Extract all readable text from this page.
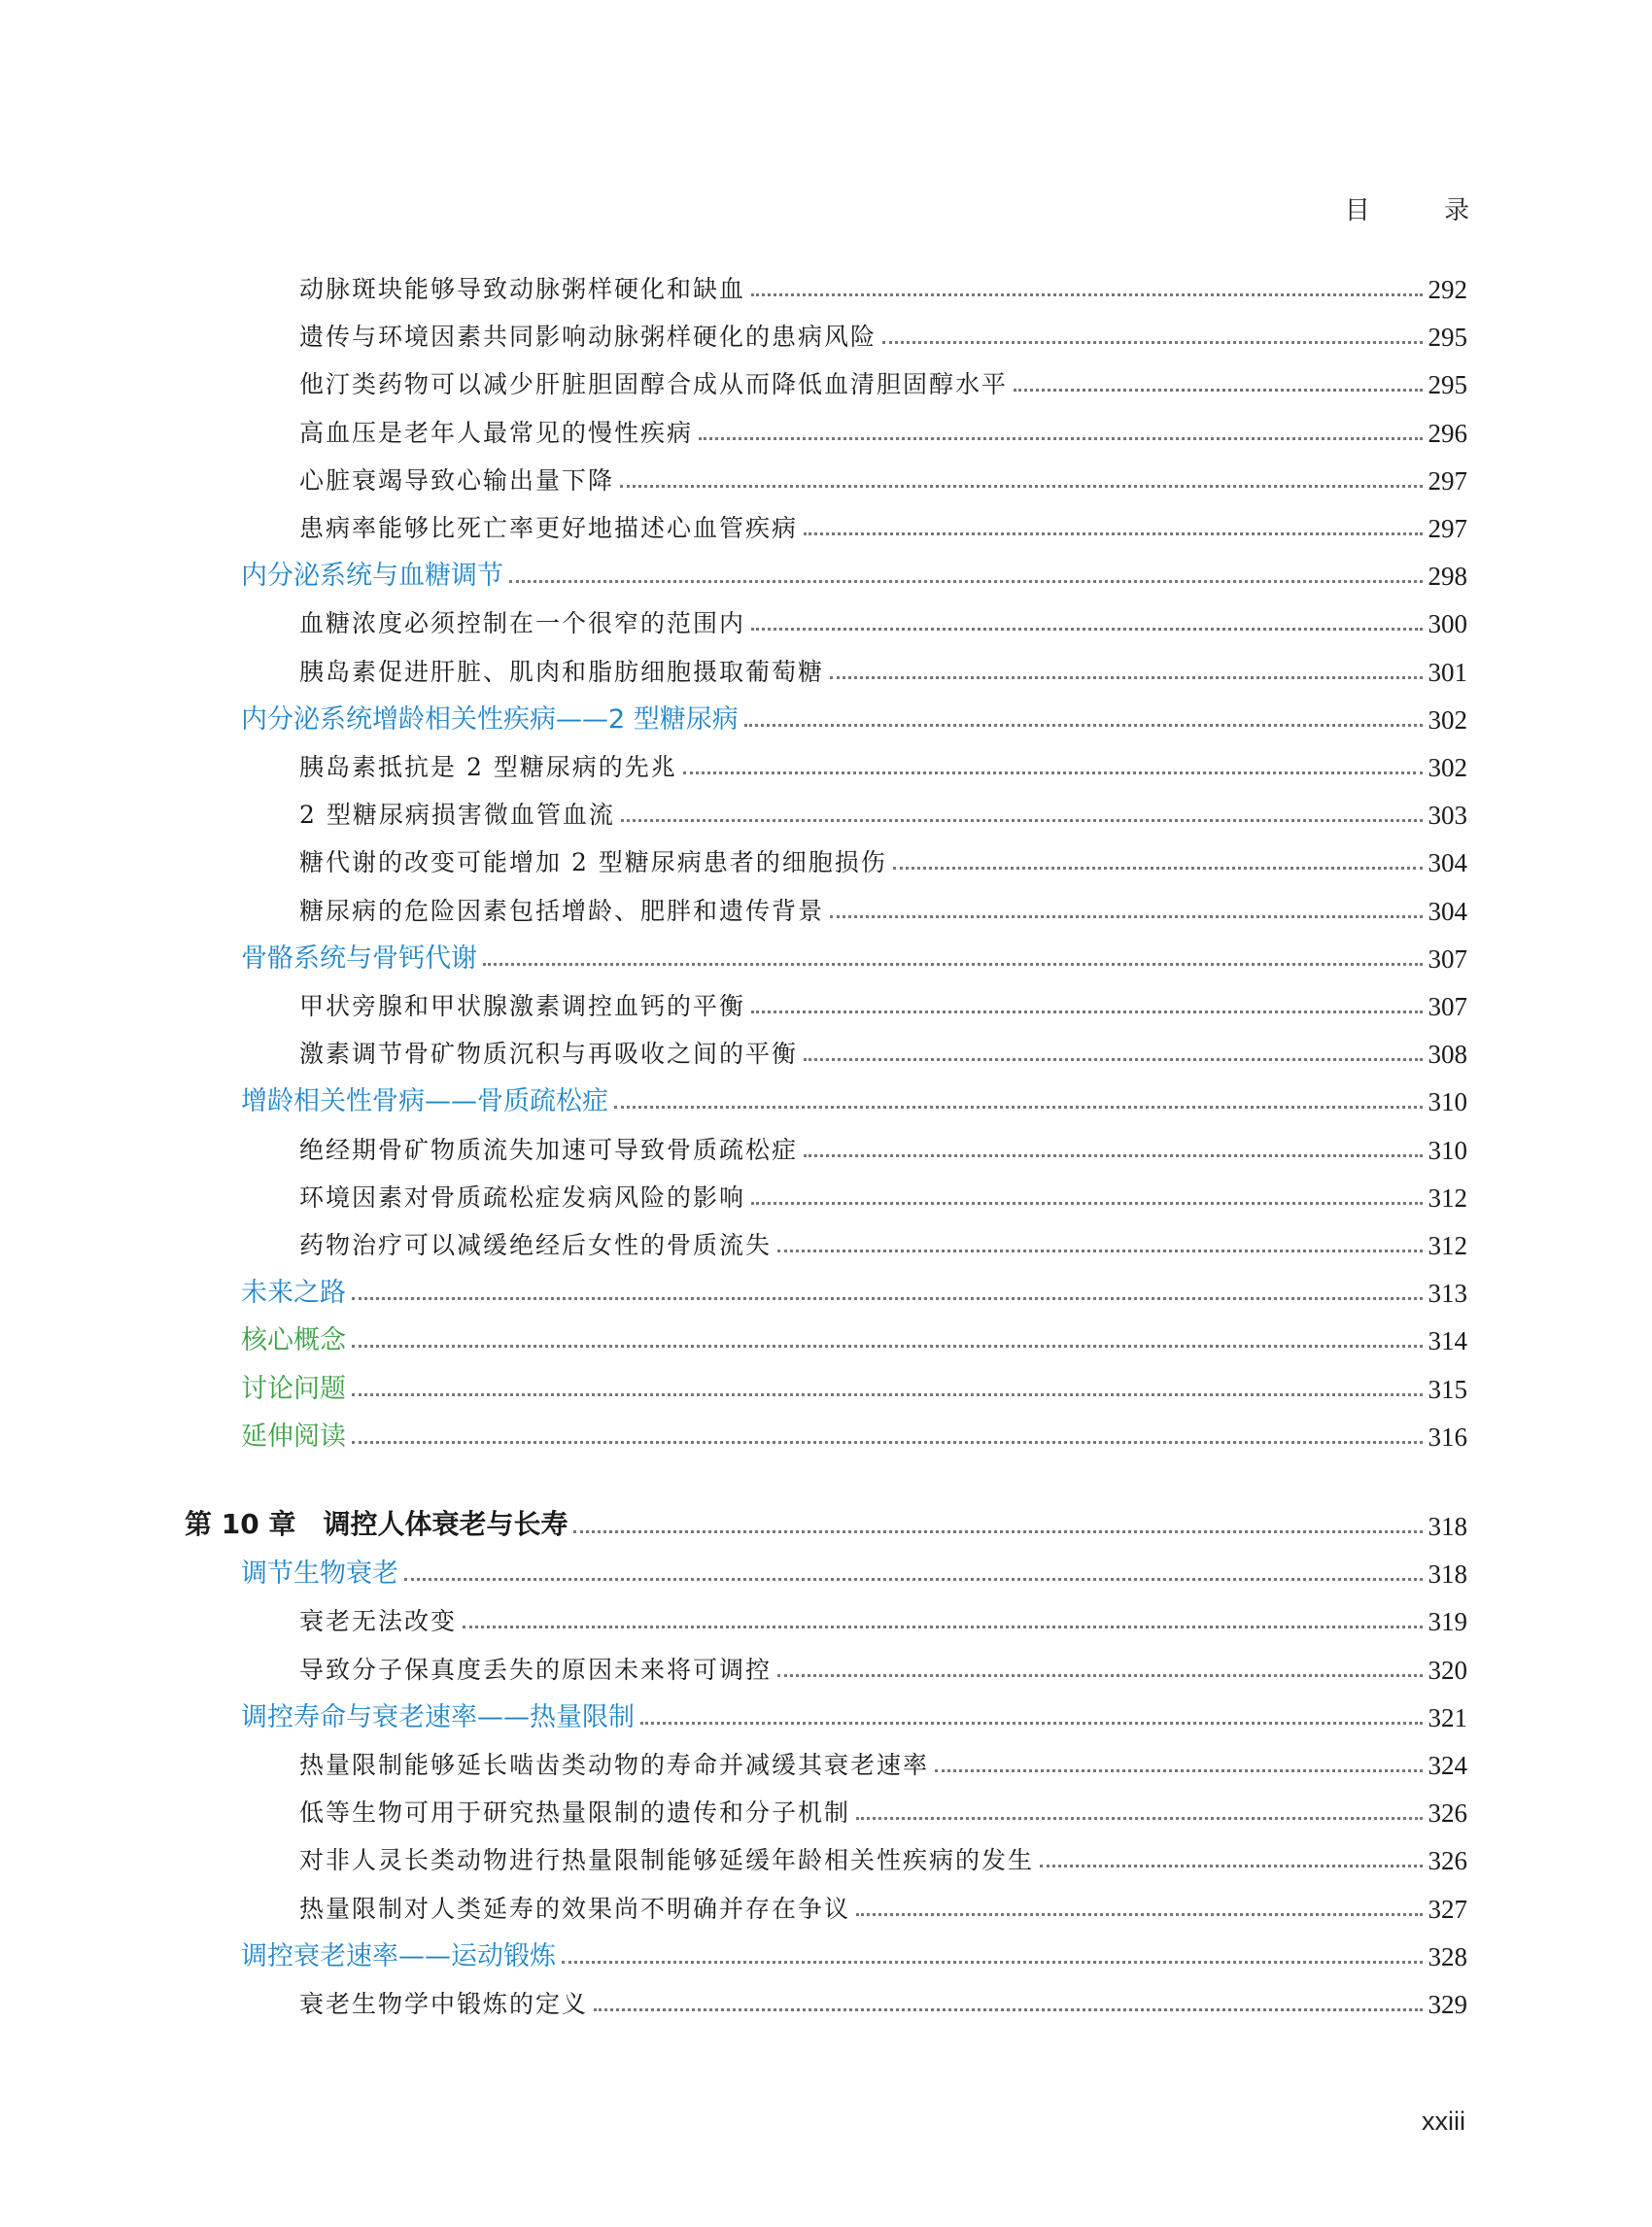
目 录
动脉斑块能够导致动脉粥样硬化和缺血	292
遗传与环境因素共同影响动脉粥样硬化的患病风险	295
他汀类药物可以减少肝脏胆固醇合成从而降低血清胆固醇水平	295
高血压是老年人最常见的慢性疾病	296
心脏衰竭导致心输出量下降	297
患病率能够比死亡率更好地描述心血管疾病	297
内分泌系统与血糖调节	298
血糖浓度必须控制在一个很窄的范围内	300
胰岛素促进肝脏、肌肉和脂肪细胞摄取葡萄糖	301
内分泌系统增龄相关性疾病——2 型糖尿病	302
胰岛素抵抗是 2 型糖尿病的先兆	302
2 型糖尿病损害微血管血流	303
糖代谢的改变可能增加 2 型糖尿病患者的细胞损伤	304
糖尿病的危险因素包括增龄、肥胖和遗传背景	304
骨骼系统与骨钙代谢	307
甲状旁腺和甲状腺激素调控血钙的平衡	307
激素调节骨矿物质沉积与再吸收之间的平衡	308
增龄相关性骨病——骨质疏松症	310
绝经期骨矿物质流失加速可导致骨质疏松症	310
环境因素对骨质疏松症发病风险的影响	312
药物治疗可以减缓绝经后女性的骨质流失	312
未来之路	313
核心概念	314
讨论问题	315
延伸阅读	316
第 10 章　调控人体衰老与长寿	318
调节生物衰老	318
衰老无法改变	319
导致分子保真度丢失的原因未来将可调控	320
调控寿命与衰老速率——热量限制	321
热量限制能够延长啮齿类动物的寿命并减缓其衰老速率	324
低等生物可用于研究热量限制的遗传和分子机制	326
对非人灵长类动物进行热量限制能够延缓年龄相关性疾病的发生	326
热量限制对人类延寿的效果尚不明确并存在争议	327
调控衰老速率——运动锻炼	328
衰老生物学中锻炼的定义	329
xxiii
